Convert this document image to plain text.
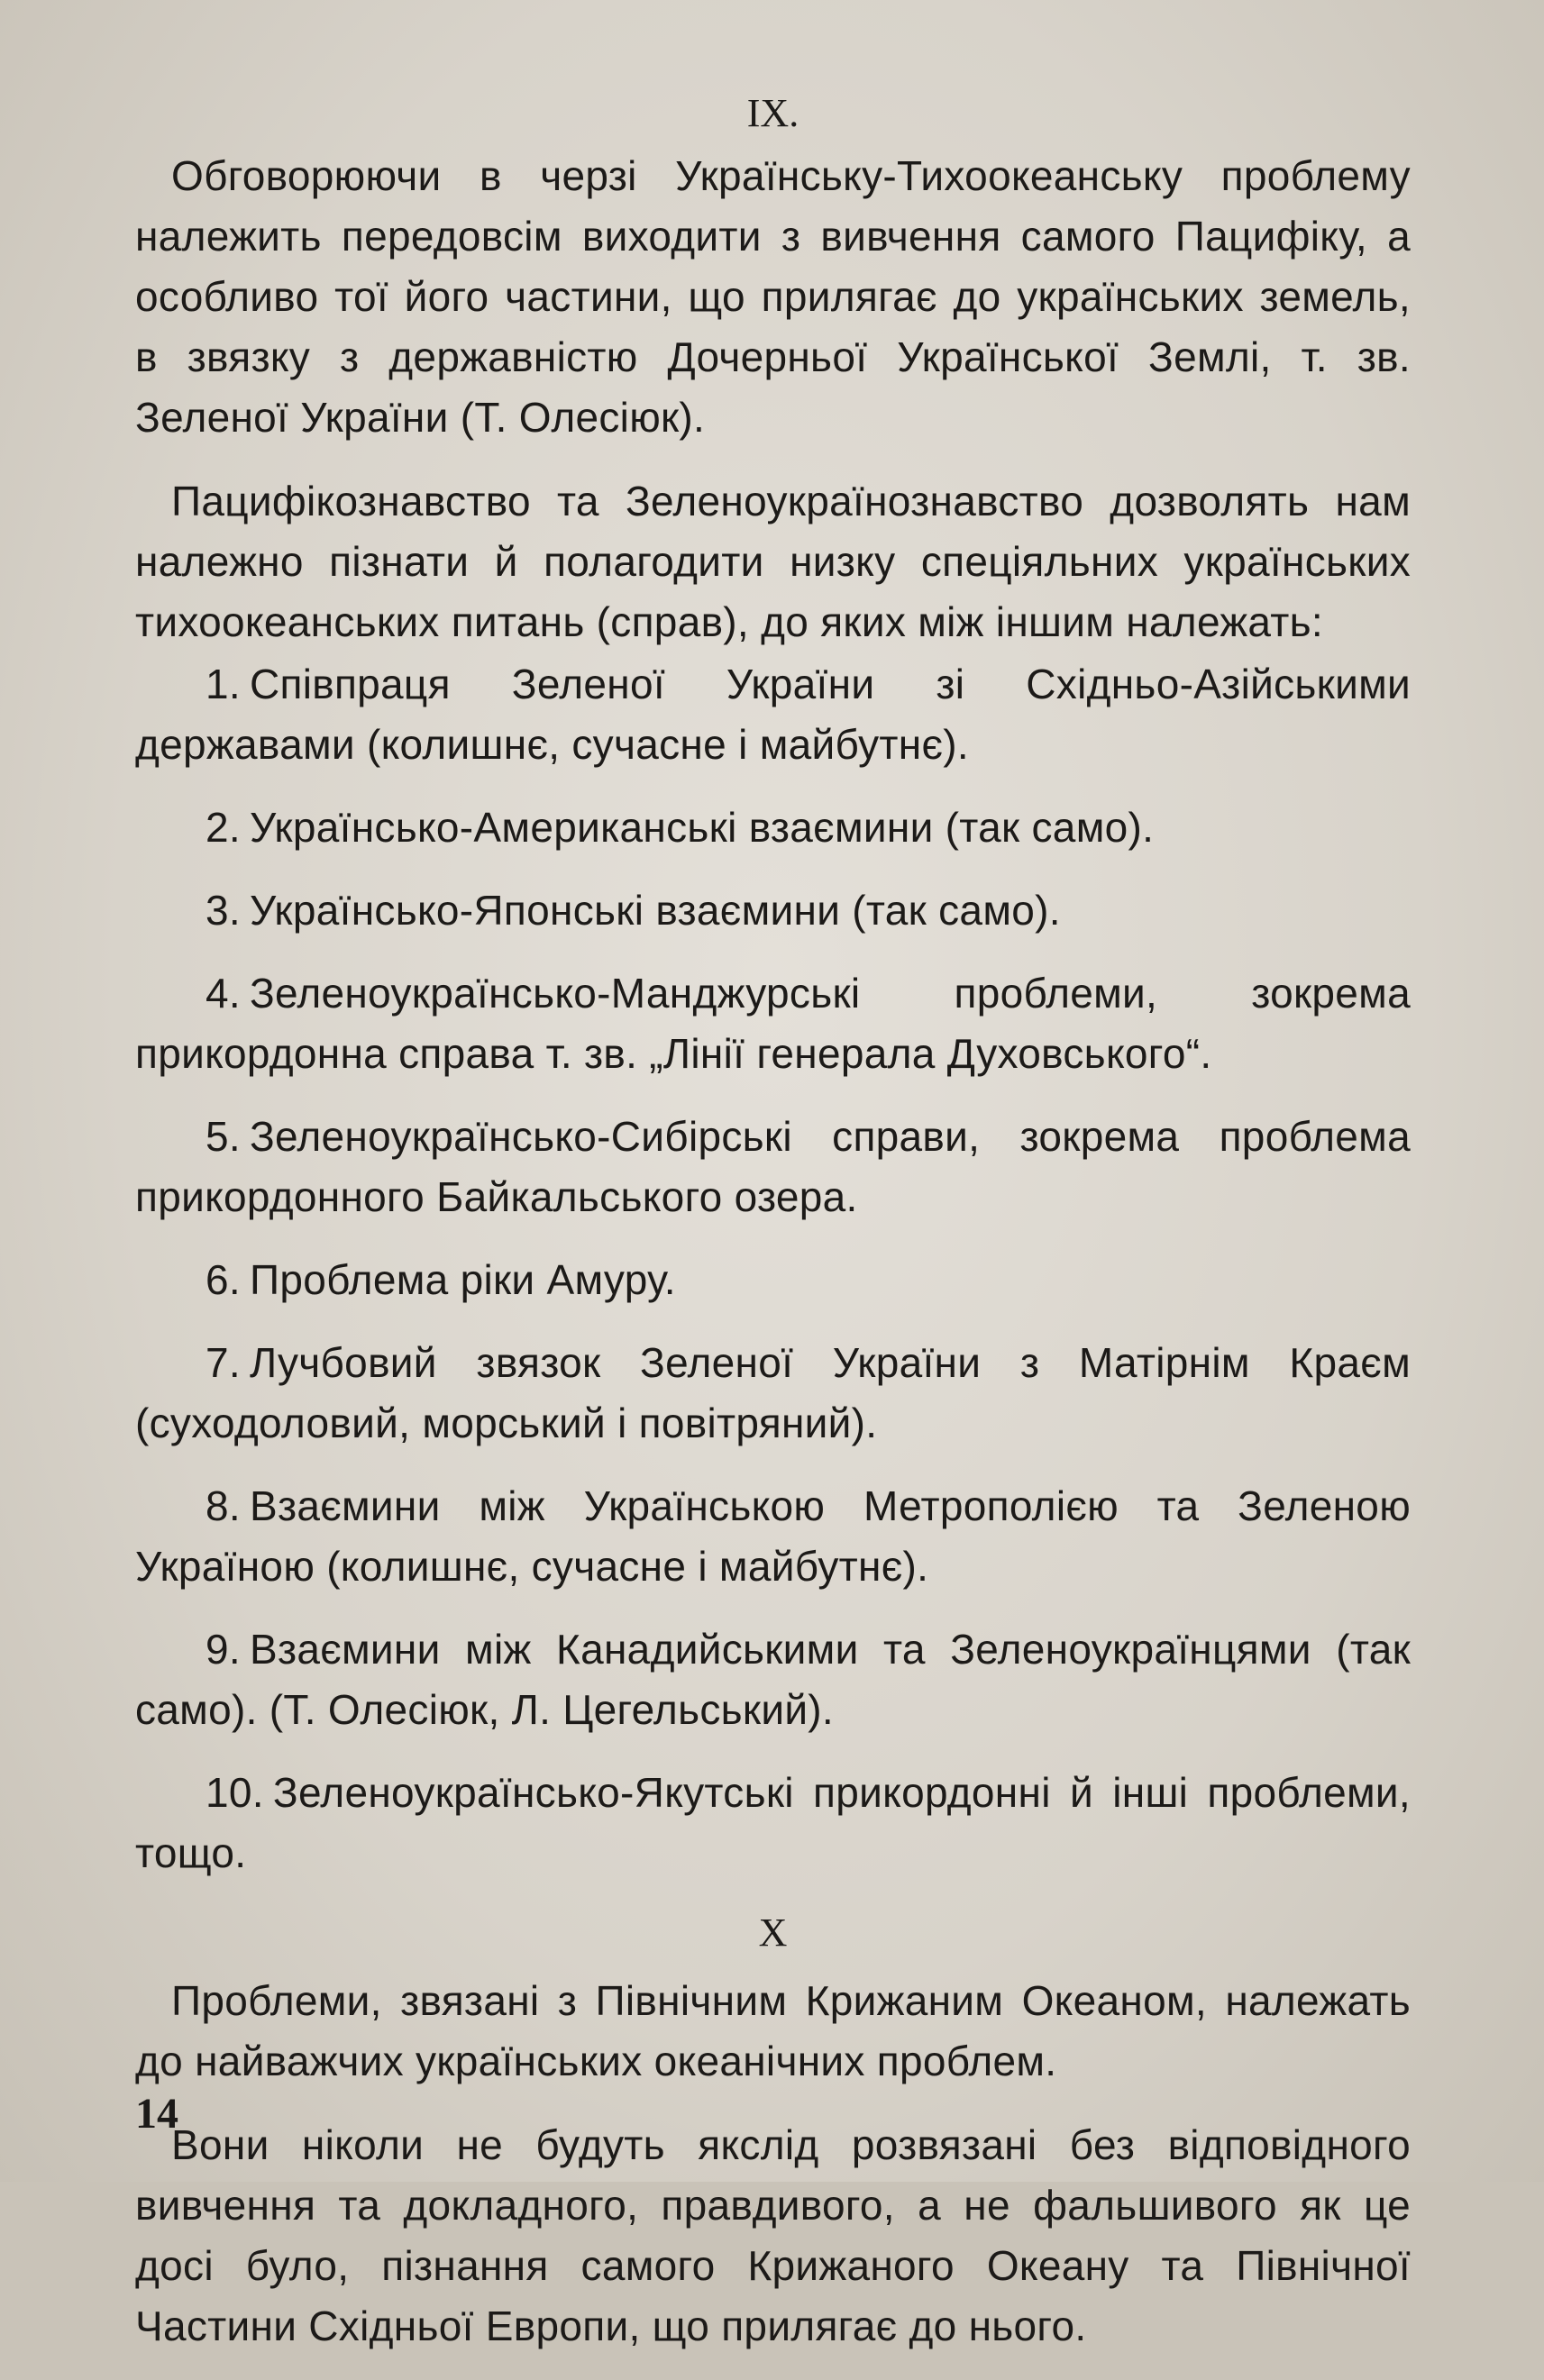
IX.

Обговорюючи в черзі Українську-Тихоокеанську проблему належить передовсім виходити з вивчення самого Пацифіку, а особливо тої його частини, що прилягає до українських земель, в звязку з державністю Дочерньої Української Землі, т. зв. Зеленої України (Т. Олесіюк).

Пацифікознавство та Зеленоукраїнознавство дозволять нам належно пізнати й полагодити низку спеціяльних українських тихоокеанських питань (справ), до яких між іншим належать:

1. Співпраця Зеленої України зі Східньо-Азійськими державами (колишнє, сучасне і майбутнє).
2. Українсько-Американські взаємини (так само).
3. Українсько-Японські взаємини (так само).
4. Зеленоукраїнсько-Манджурські проблеми, зокрема прикордонна справа т. зв. „Лінії генерала Духовського“.
5. Зеленоукраїнсько-Сибірські справи, зокрема проблема прикордонного Байкальського озера.
6. Проблема ріки Амуру.
7. Лучбовий звязок Зеленої України з Матірнім Краєм (суходоловий, морський і повітряний).
8. Взаємини між Українською Метрополією та Зеленою Україною (колишнє, сучасне і майбутнє).
9. Взаємини між Канадийськими та Зеленоукраїнцями (так само). (Т. Олесіюк, Л. Цегельський).
10. Зеленоукраїнсько-Якутські прикордонні й інші проблеми, тощо.
X

Проблеми, звязані з Північним Крижаним Океаном, належать до найважчих українських океанічних проблем.

Вони ніколи не будуть якслід розвязані без відповідного вивчення та докладного, правдивого, а не фальшивого як це досі було, пізнання самого Крижаного Океану та Північної Частини Східньої Европи, що прилягає до нього.

14
